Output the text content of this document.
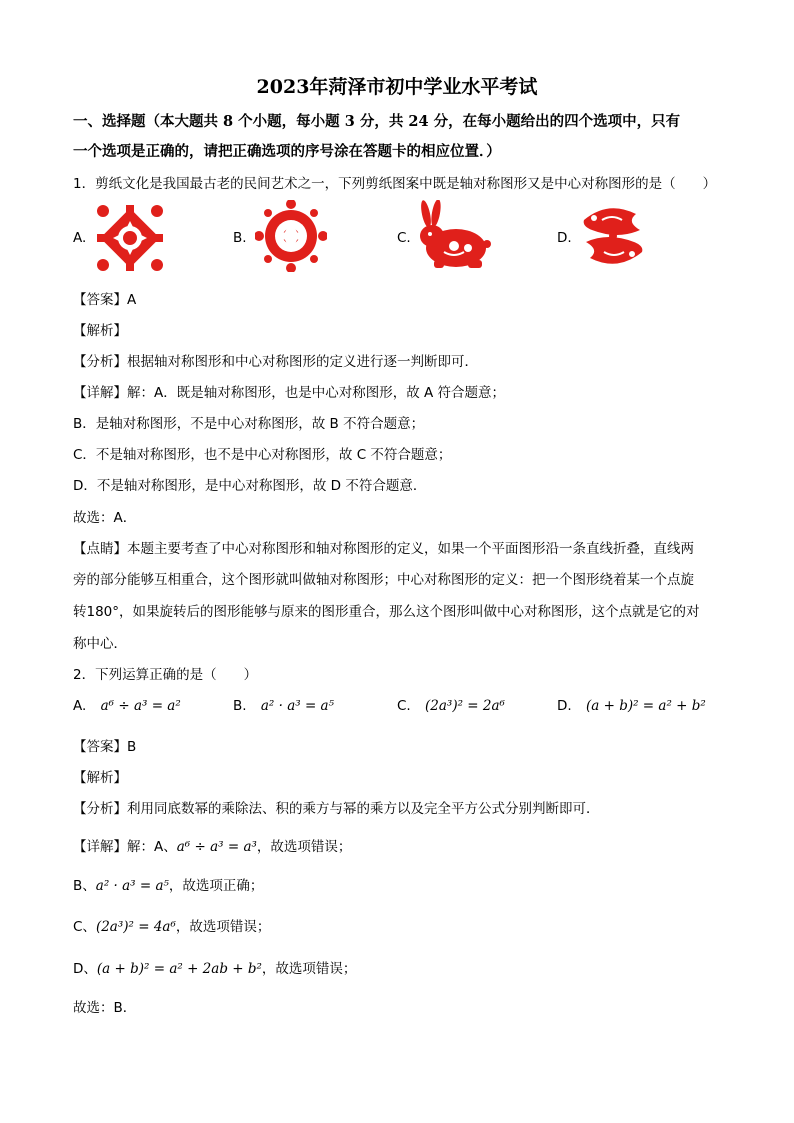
2023年菏泽市初中学业水平考试
一、选择题（本大题共 8 个小题，每小题 3 分，共 24 分，在每小题给出的四个选项中，只有
一个选项是正确的，请把正确选项的序号涂在答题卡的相应位置．）
1．剪纸文化是我国最古老的民间艺术之一，下列剪纸图案中既是轴对称图形又是中心对称图形的是（　　）
A.	B.	C.	D.
【答案】A
【解析】
【分析】根据轴对称图形和中心对称图形的定义进行逐一判断即可．
【详解】解：A．既是轴对称图形，也是中心对称图形，故 A 符合题意；
B．是轴对称图形，不是中心对称图形，故 B 不符合题意；
C．不是轴对称图形，也不是中心对称图形，故 C 不符合题意；
D．不是轴对称图形，是中心对称图形，故 D 不符合题意．
故选：A．
【点睛】本题主要考查了中心对称图形和轴对称图形的定义，如果一个平面图形沿一条直线折叠，直线两
旁的部分能够互相重合，这个图形就叫做轴对称图形；中心对称图形的定义：把一个图形绕着某一个点旋
转180°，如果旋转后的图形能够与原来的图形重合，那么这个图形叫做中心对称图形，这个点就是它的对
称中心．
2．下列运算正确的是（　　）
A. a⁶ ÷ a³ = a²	B. a² · a³ = a⁵	C. (2a³)² = 2a⁶	D. (a + b)² = a² + b²
【答案】B
【解析】
【分析】利用同底数幂的乘除法、积的乘方与幂的乘方以及完全平方公式分别判断即可．
【详解】解：A、a⁶ ÷ a³ = a³，故选项错误；
B、a² · a³ = a⁵，故选项正确；
C、(2a³)² = 4a⁶，故选项错误；
D、(a + b)² = a² + 2ab + b²，故选项错误；
故选：B．
